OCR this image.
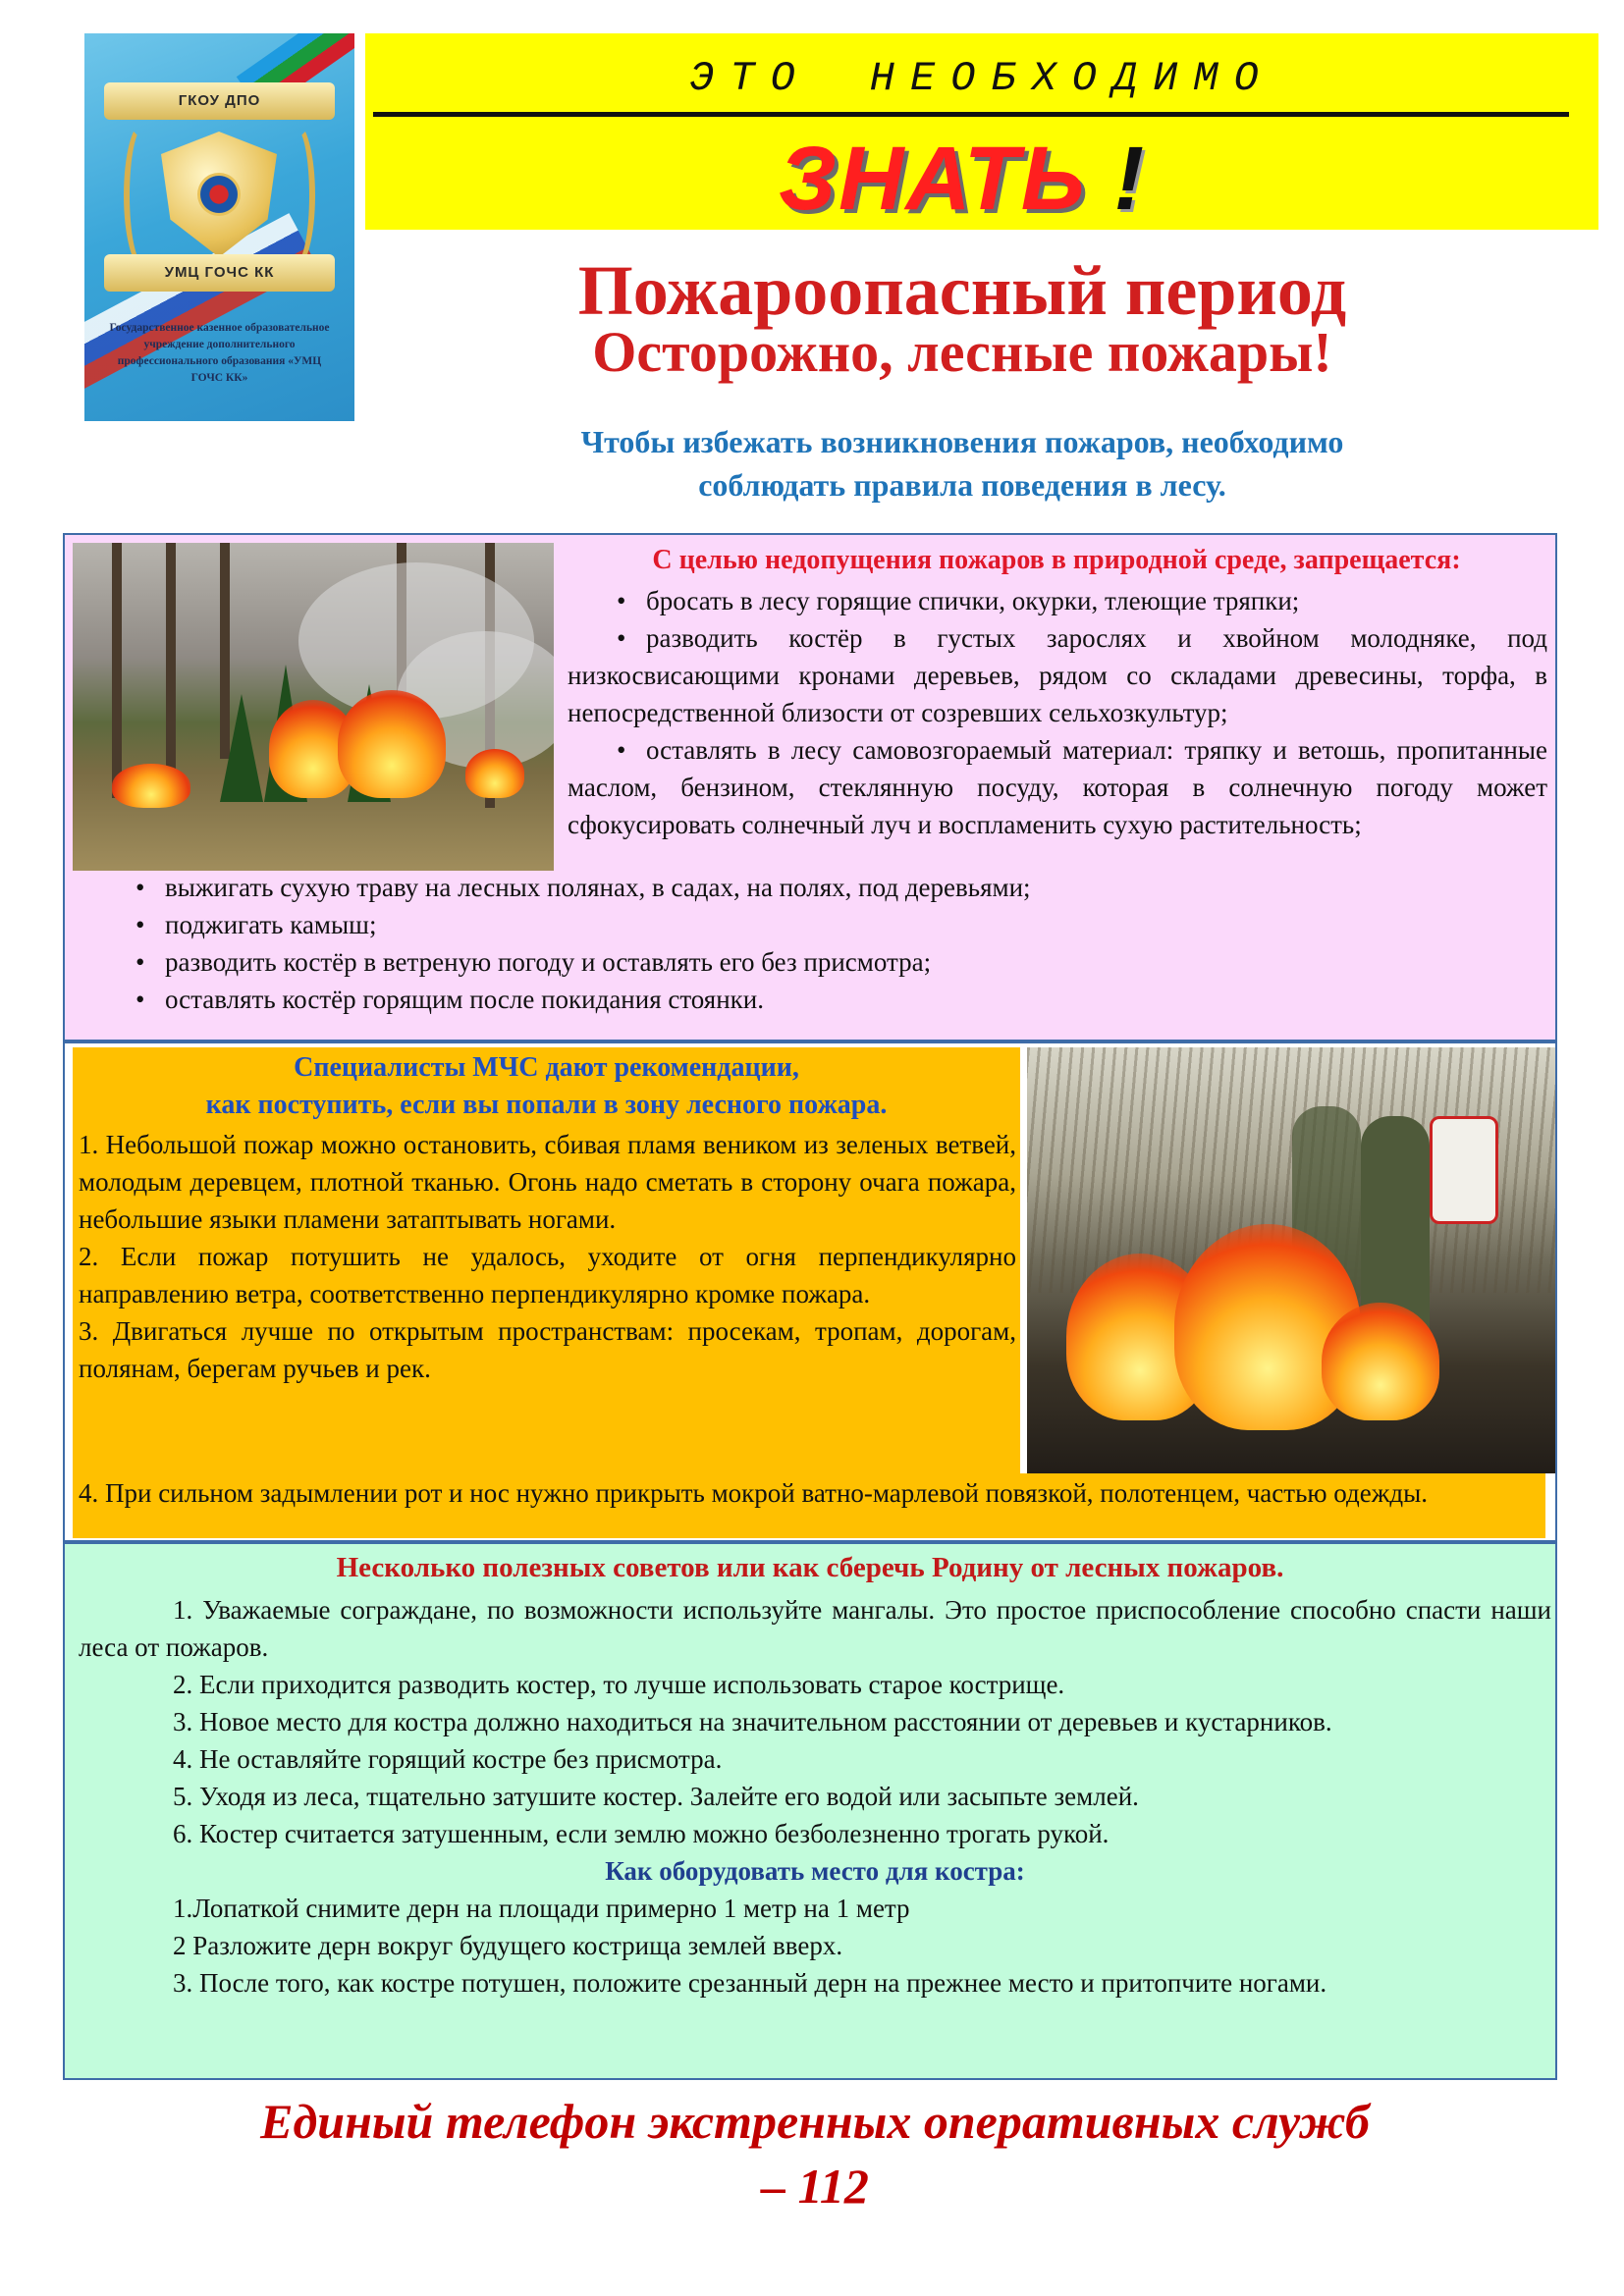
ГКОУ ДПО
УМЦ ГОЧС КК
Государственное казенное образовательное учреждение дополнительного профессионального образования «УМЦ ГОЧС КК»
ЭТО НЕОБХОДИМО
ЗНАТЬ !
Пожароопасный период
Осторожно, лесные пожары!
Чтобы избежать возникновения пожаров, необходимо
соблюдать правила поведения в лесу.
С целью недопущения пожаров в природной среде, запрещается:

• бросать в лесу горящие спички, окурки, тлеющие тряпки;

• разводить костёр в густых зарослях и хвойном молодняке, под низкосвисающими кронами деревьев, рядом со складами древесины, торфа, в непосредственной близости от созревших сельхозкультур;

• оставлять в лесу самовозгораемый материал: тряпку и ветошь, пропитанные маслом, бензином, стеклянную посуду, которая в солнечную погоду может сфокусировать солнечный луч и воспламенить сухую растительность;

• выжигать сухую траву на лесных полянах, в садах, на полях, под деревьями;
• поджигать камыш;
• разводить костёр в ветреную погоду и оставлять его без присмотра;
• оставлять костёр горящим после покидания стоянки.
Специалисты МЧС дают рекомендации,
как поступить, если вы попали в зону лесного пожара.

1. Небольшой пожар можно остановить, сбивая пламя веником из зеленых ветвей, молодым деревцем, плотной тканью. Огонь надо сметать в сторону очага пожара, небольшие языки пламени затаптывать ногами.

2. Если пожар потушить не удалось, уходите от огня перпендикулярно направлению ветра, соответственно перпендикулярно кромке пожара.

3. Двигаться лучше по открытым пространствам: просекам, тропам, дорогам, полянам, берегам ручьев и рек.

4. При сильном задымлении рот и нос нужно прикрыть мокрой ватно-марлевой повязкой, полотенцем, частью одежды.
Несколько полезных советов или как сберечь Родину от лесных пожаров.

1. Уважаемые сограждане, по возможности используйте мангалы. Это простое приспособление способно спасти наши леса от пожаров.

2. Если приходится разводить костер, то лучше использовать старое кострище.

3. Новое место для костра должно находиться на значительном расстоянии от деревьев и кустарников.

4. Не оставляйте горящий костре без присмотра.

5. Уходя из леса, тщательно затушите костер. Залейте его водой или засыпьте землей.

6. Костер считается затушенным, если землю можно безболезненно трогать рукой.

Как оборудовать место для костра:

1.Лопаткой снимите дерн на площади примерно 1 метр на 1 метр

2 Разложите дерн вокруг будущего кострища землей вверх.

3. После того, как костре потушен, положите срезанный дерн на прежнее место и притопчите ногами.

Единый телефон экстренных оперативных служб
– 112
